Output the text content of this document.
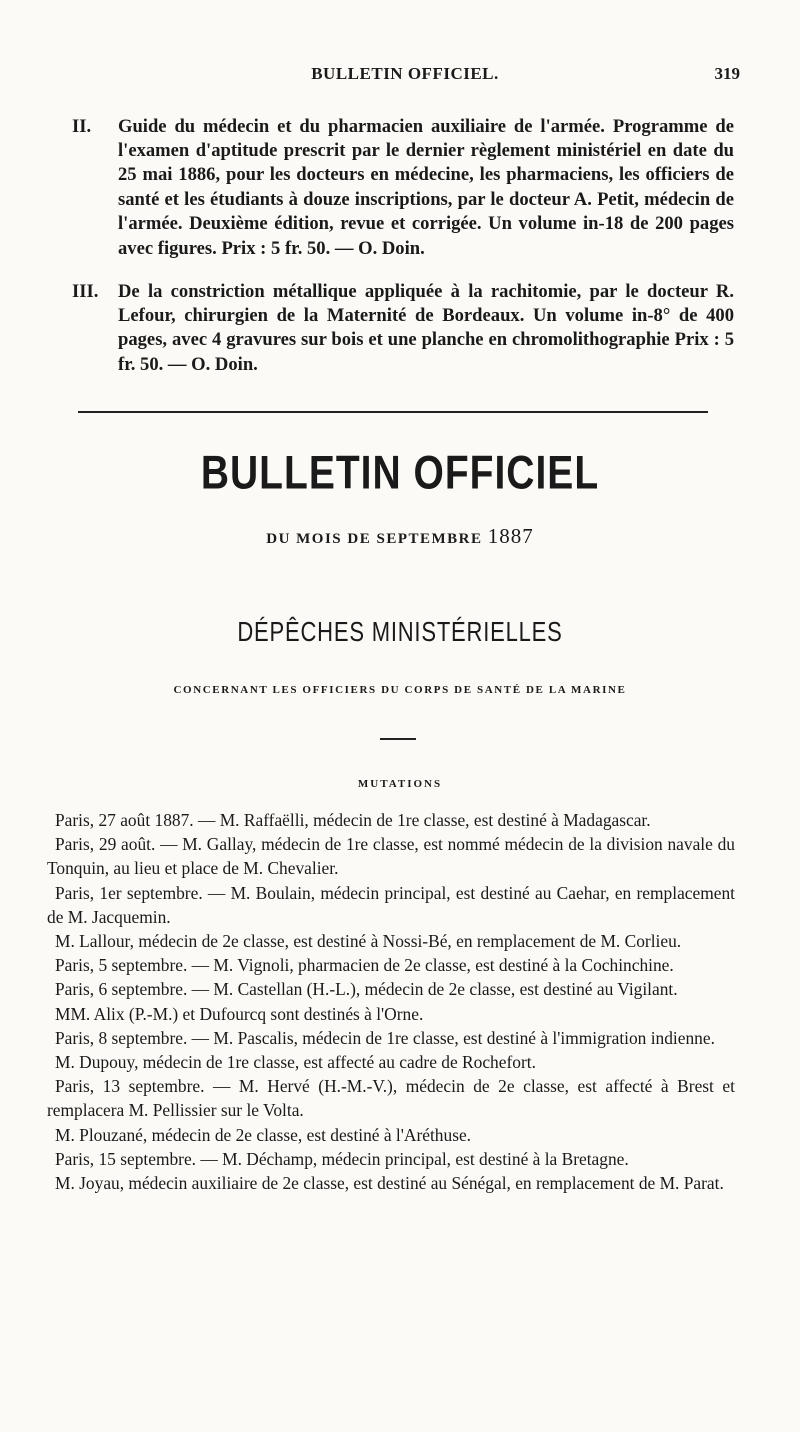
BULLETIN OFFICIEL.	319

II. Guide du médecin et du pharmacien auxiliaire de l'armée. Programme de l'examen d'aptitude prescrit par le dernier règlement ministériel en date du 25 mai 1886, pour les docteurs en médecine, les pharmaciens, les officiers de santé et les étudiants à douze inscriptions, par le docteur A. Petit, médecin de l'armée. Deuxième édition, revue et corrigée. Un volume in-18 de 200 pages avec figures. Prix : 5 fr. 50. — O. Doin.

III. De la constriction métallique appliquée à la rachitomie, par le docteur R. Lefour, chirurgien de la Maternité de Bordeaux. Un volume in-8° de 400 pages, avec 4 gravures sur bois et une planche en chromolithographie Prix : 5 fr. 50. — O. Doin.

BULLETIN OFFICIEL
DU MOIS DE SEPTEMBRE 1887
DÉPÊCHES MINISTÉRIELLES
CONCERNANT LES OFFICIERS DU CORPS DE SANTÉ DE LA MARINE
MUTATIONS

Paris, 27 août 1887. — M. Raffaëlli, médecin de 1re classe, est destiné à Madagascar.

Paris, 29 août. — M. Gallay, médecin de 1re classe, est nommé médecin de la division navale du Tonquin, au lieu et place de M. Chevalier.

Paris, 1er septembre. — M. Boulain, médecin principal, est destiné au Caehar, en remplacement de M. Jacquemin.

M. Lallour, médecin de 2e classe, est destiné à Nossi-Bé, en remplacement de M. Corlieu.

Paris, 5 septembre. — M. Vignoli, pharmacien de 2e classe, est destiné à la Cochinchine.

Paris, 6 septembre. — M. Castellan (H.-L.), médecin de 2e classe, est destiné au Vigilant.

MM. Alix (P.-M.) et Dufourcq sont destinés à l'Orne.

Paris, 8 septembre. — M. Pascalis, médecin de 1re classe, est destiné à l'immigration indienne.

M. Dupouy, médecin de 1re classe, est affecté au cadre de Rochefort.

Paris, 13 septembre. — M. Hervé (H.-M.-V.), médecin de 2e classe, est affecté à Brest et remplacera M. Pellissier sur le Volta.

M. Plouzané, médecin de 2e classe, est destiné à l'Aréthuse.

Paris, 15 septembre. — M. Déchamp, médecin principal, est destiné à la Bretagne.

M. Joyau, médecin auxiliaire de 2e classe, est destiné au Sénégal, en remplacement de M. Parat.
